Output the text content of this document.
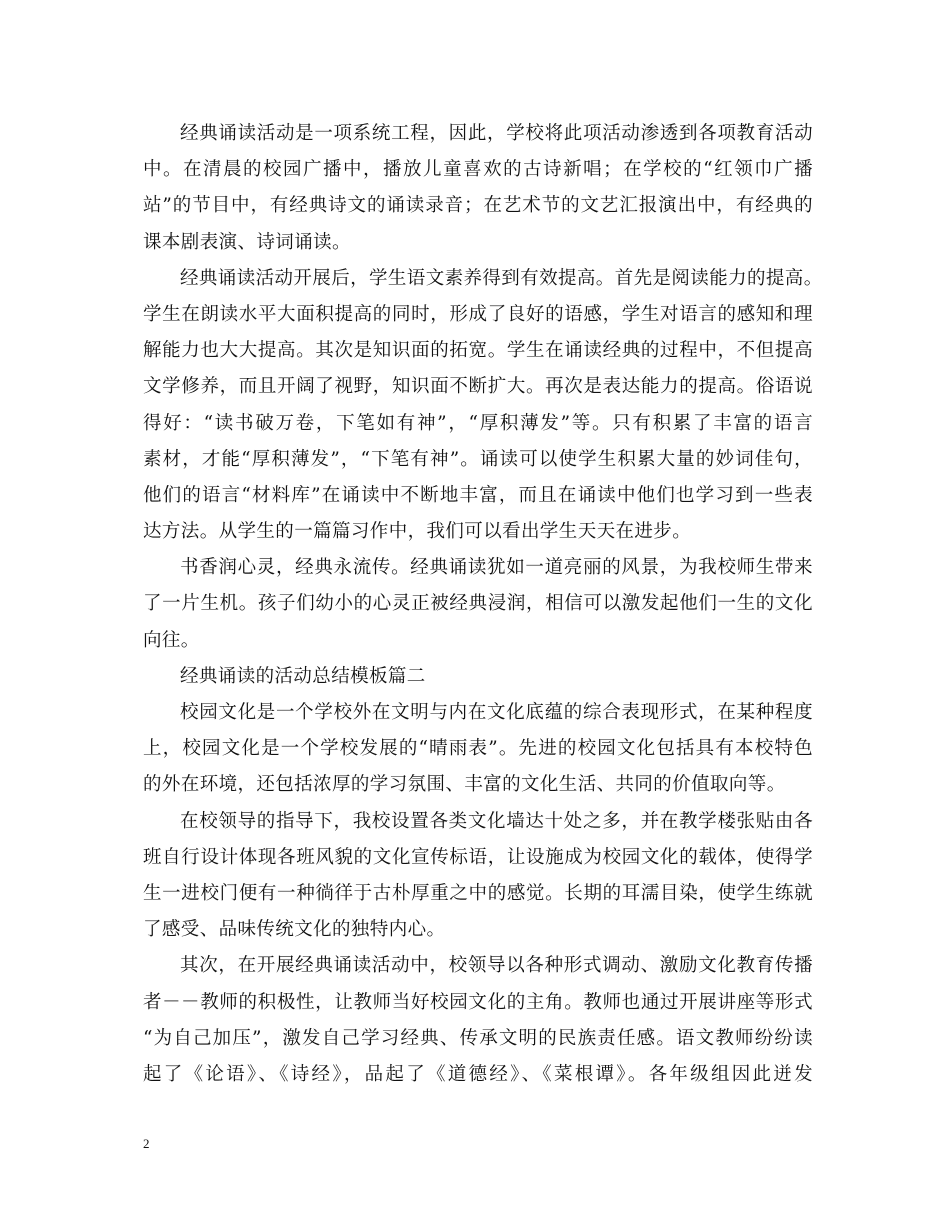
经典诵读活动是一项系统工程，因此，学校将此项活动渗透到各项教育活动
中。在清晨的校园广播中，播放儿童喜欢的古诗新唱；在学校的“红领巾广播
站”的节目中，有经典诗文的诵读录音；在艺术节的文艺汇报演出中，有经典的
课本剧表演、诗词诵读。
经典诵读活动开展后，学生语文素养得到有效提高。首先是阅读能力的提高。
学生在朗读水平大面积提高的同时，形成了良好的语感，学生对语言的感知和理
解能力也大大提高。其次是知识面的拓宽。学生在诵读经典的过程中，不但提高
文学修养，而且开阔了视野，知识面不断扩大。再次是表达能力的提高。俗语说
得好：“读书破万卷，下笔如有神”，“厚积薄发”等。只有积累了丰富的语言
素材，才能“厚积薄发”，“下笔有神”。诵读可以使学生积累大量的妙词佳句，
他们的语言“材料库”在诵读中不断地丰富，而且在诵读中他们也学习到一些表
达方法。从学生的一篇篇习作中，我们可以看出学生天天在进步。
书香润心灵，经典永流传。经典诵读犹如一道亮丽的风景，为我校师生带来
了一片生机。孩子们幼小的心灵正被经典浸润，相信可以激发起他们一生的文化
向往。
经典诵读的活动总结模板篇二
校园文化是一个学校外在文明与内在文化底蕴的综合表现形式，在某种程度
上，校园文化是一个学校发展的“晴雨表”。先进的校园文化包括具有本校特色
的外在环境，还包括浓厚的学习氛围、丰富的文化生活、共同的价值取向等。
在校领导的指导下，我校设置各类文化墙达十处之多，并在教学楼张贴由各
班自行设计体现各班风貌的文化宣传标语，让设施成为校园文化的载体，使得学
生一进校门便有一种徜徉于古朴厚重之中的感觉。长期的耳濡目染，使学生练就
了感受、品味传统文化的独特内心。
其次，在开展经典诵读活动中，校领导以各种形式调动、激励文化教育传播
者－－教师的积极性，让教师当好校园文化的主角。教师也通过开展讲座等形式
“为自己加压”，激发自己学习经典、传承文明的民族责任感。语文教师纷纷读
起了《论语》、《诗经》，品起了《道德经》、《菜根谭》。各年级组因此迸发
2
